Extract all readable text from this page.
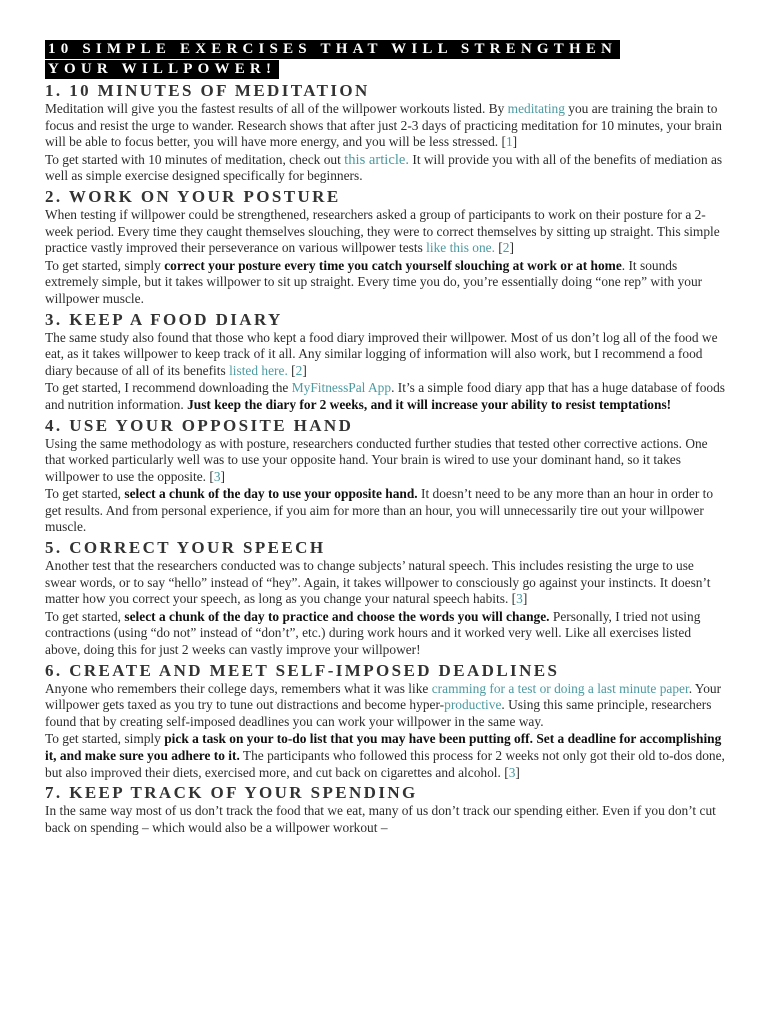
10 SIMPLE EXERCISES THAT WILL STRENGTHEN
YOUR WILLPOWER!
1. 10 MINUTES OF MEDITATION

Meditation will give you the fastest results of all of the willpower workouts listed. By meditating you are training the brain to focus and resist the urge to wander. Research shows that after just 2-3 days of practicing meditation for 10 minutes, your brain will be able to focus better, you will have more energy, and you will be less stressed. [1]

To get started with 10 minutes of meditation, check out this article. It will provide you with all of the benefits of mediation as well as simple exercise designed specifically for beginners.

2. WORK ON YOUR POSTURE

When testing if willpower could be strengthened, researchers asked a group of participants to work on their posture for a 2-week period. Every time they caught themselves slouching, they were to correct themselves by sitting up straight. This simple practice vastly improved their perseverance on various willpower tests like this one. [2]

To get started, simply correct your posture every time you catch yourself slouching at work or at home. It sounds extremely simple, but it takes willpower to sit up straight. Every time you do, you’re essentially doing “one rep” with your willpower muscle.

3. KEEP A FOOD DIARY

The same study also found that those who kept a food diary improved their willpower. Most of us don’t log all of the food we eat, as it takes willpower to keep track of it all. Any similar logging of information will also work, but I recommend a food diary because of all of its benefits listed here. [2]

To get started, I recommend downloading the MyFitnessPal App. It’s a simple food diary app that has a huge database of foods and nutrition information. Just keep the diary for 2 weeks, and it will increase your ability to resist temptations!

4. USE YOUR OPPOSITE HAND

Using the same methodology as with posture, researchers conducted further studies that tested other corrective actions. One that worked particularly well was to use your opposite hand. Your brain is wired to use your dominant hand, so it takes willpower to use the opposite. [3]

To get started, select a chunk of the day to use your opposite hand. It doesn’t need to be any more than an hour in order to get results. And from personal experience, if you aim for more than an hour, you will unnecessarily tire out your willpower muscle.

5. CORRECT YOUR SPEECH

Another test that the researchers conducted was to change subjects’ natural speech. This includes resisting the urge to use swear words, or to say “hello” instead of “hey”. Again, it takes willpower to consciously go against your instincts. It doesn’t matter how you correct your speech, as long as you change your natural speech habits. [3]

To get started, select a chunk of the day to practice and choose the words you will change. Personally, I tried not using contractions (using “do not” instead of “don’t”, etc.) during work hours and it worked very well. Like all exercises listed above, doing this for just 2 weeks can vastly improve your willpower!

6. CREATE AND MEET SELF-IMPOSED DEADLINES

Anyone who remembers their college days, remembers what it was like cramming for a test or doing a last minute paper. Your willpower gets taxed as you try to tune out distractions and become hyper-productive. Using this same principle, researchers found that by creating self-imposed deadlines you can work your willpower in the same way.

To get started, simply pick a task on your to-do list that you may have been putting off. Set a deadline for accomplishing it, and make sure you adhere to it. The participants who followed this process for 2 weeks not only got their old to-dos done, but also improved their diets, exercised more, and cut back on cigarettes and alcohol. [3]

7. KEEP TRACK OF YOUR SPENDING

In the same way most of us don’t track the food that we eat, many of us don’t track our spending either. Even if you don’t cut back on spending – which would also be a willpower workout –
